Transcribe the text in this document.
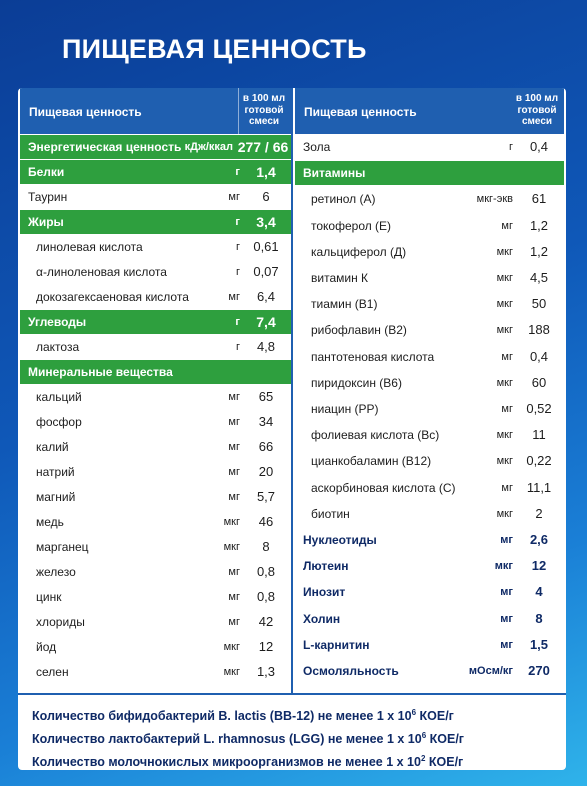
ПИЩЕВАЯ ЦЕННОСТЬ
Пищевая ценность
в 100 мл
готовой
смеси
Энергетическая ценность кДж/ккал 277 / 66
Белки	г	1,4
Таурин	мг	6
Жиры	г	3,4
линолевая кислота	г	0,61
α-линоленовая кислота	г	0,07
докозагексаеновая кислота	мг	6,4
Углеводы	г	7,4
лактоза	г	4,8
Минеральные вещества
кальций	мг	65
фосфор	мг	34
калий	мг	66
натрий	мг	20
магний	мг	5,7
медь	мкг	46
марганец	мкг	8
железо	мг	0,8
цинк	мг	0,8
хлориды	мг	42
йод	мкг	12
селен	мкг	1,3
Пищевая ценность
в 100 мл
готовой
смеси
Зола	г	0,4
Витамины
ретинол (А)	мкг-экв	61
токоферол (Е)	мг	1,2
кальциферол (Д)	мкг	1,2
витамин К	мкг	4,5
тиамин (В1)	мкг	50
рибофлавин (В2)	мкг	188
пантотеновая кислота	мг	0,4
пиридоксин (В6)	мкг	60
ниацин (РР)	мг	0,52
фолиевая кислота (Вс)	мкг	11
цианкобаламин (В12)	мкг	0,22
аскорбиновая кислота (С)	мг	11,1
биотин	мкг	2
Нуклеотиды	мг	2,6
Лютеин	мкг	12
Инозит	мг	4
Холин	мг	8
L-карнитин	мг	1,5
Осмоляльность	мОсм/кг	270
Количество бифидобактерий B. lactis (BB-12) не менее 1 х $10^6$ КОЕ/г
Количество лактобактерий L. rhamnosus (LGG) не менее 1 х $10^6$ КОЕ/г
Количество молочнокислых микроорганизмов не менее 1 х $10^2$ КОЕ/г
